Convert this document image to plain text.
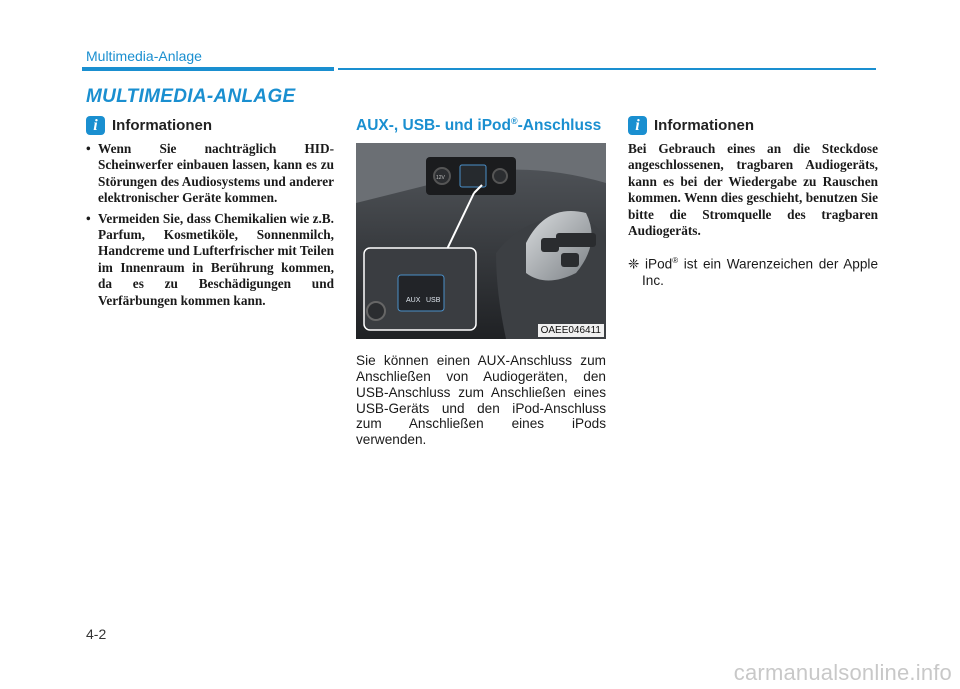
Multimedia-Anlage
MULTIMEDIA-ANLAGE
i Informationen
• Wenn Sie nachträglich HID-Scheinwerfer einbauen lassen, kann es zu Störungen des Audiosystems und anderer elektronischer Geräte kommen.
• Vermeiden Sie, dass Chemikalien wie z.B. Parfum, Kosmetiköle, Sonnenmilch, Handcreme und Lufterfrischer mit Teilen im Innenraum in Berührung kommen, da es zu Beschädigungen und Verfärbungen kommen kann.
AUX-, USB- und iPod®-Anschluss
AUX USB
12V
OAEE046411

Sie können einen AUX-Anschluss zum Anschließen von Audiogeräten, den USB-Anschluss zum Anschließen eines USB-Geräts und den iPod-Anschluss zum Anschließen eines iPods verwenden.

i Informationen

Bei Gebrauch eines an die Steckdose angeschlossenen, tragbaren Audiogeräts, kann es bei der Wiedergabe zu Rauschen kommen. Wenn dies geschieht, benutzen Sie bitte die Stromquelle des tragbaren Audiogeräts.

❈ iPod® ist ein Warenzeichen der Apple Inc.

4-2
carmanualsonline.info
